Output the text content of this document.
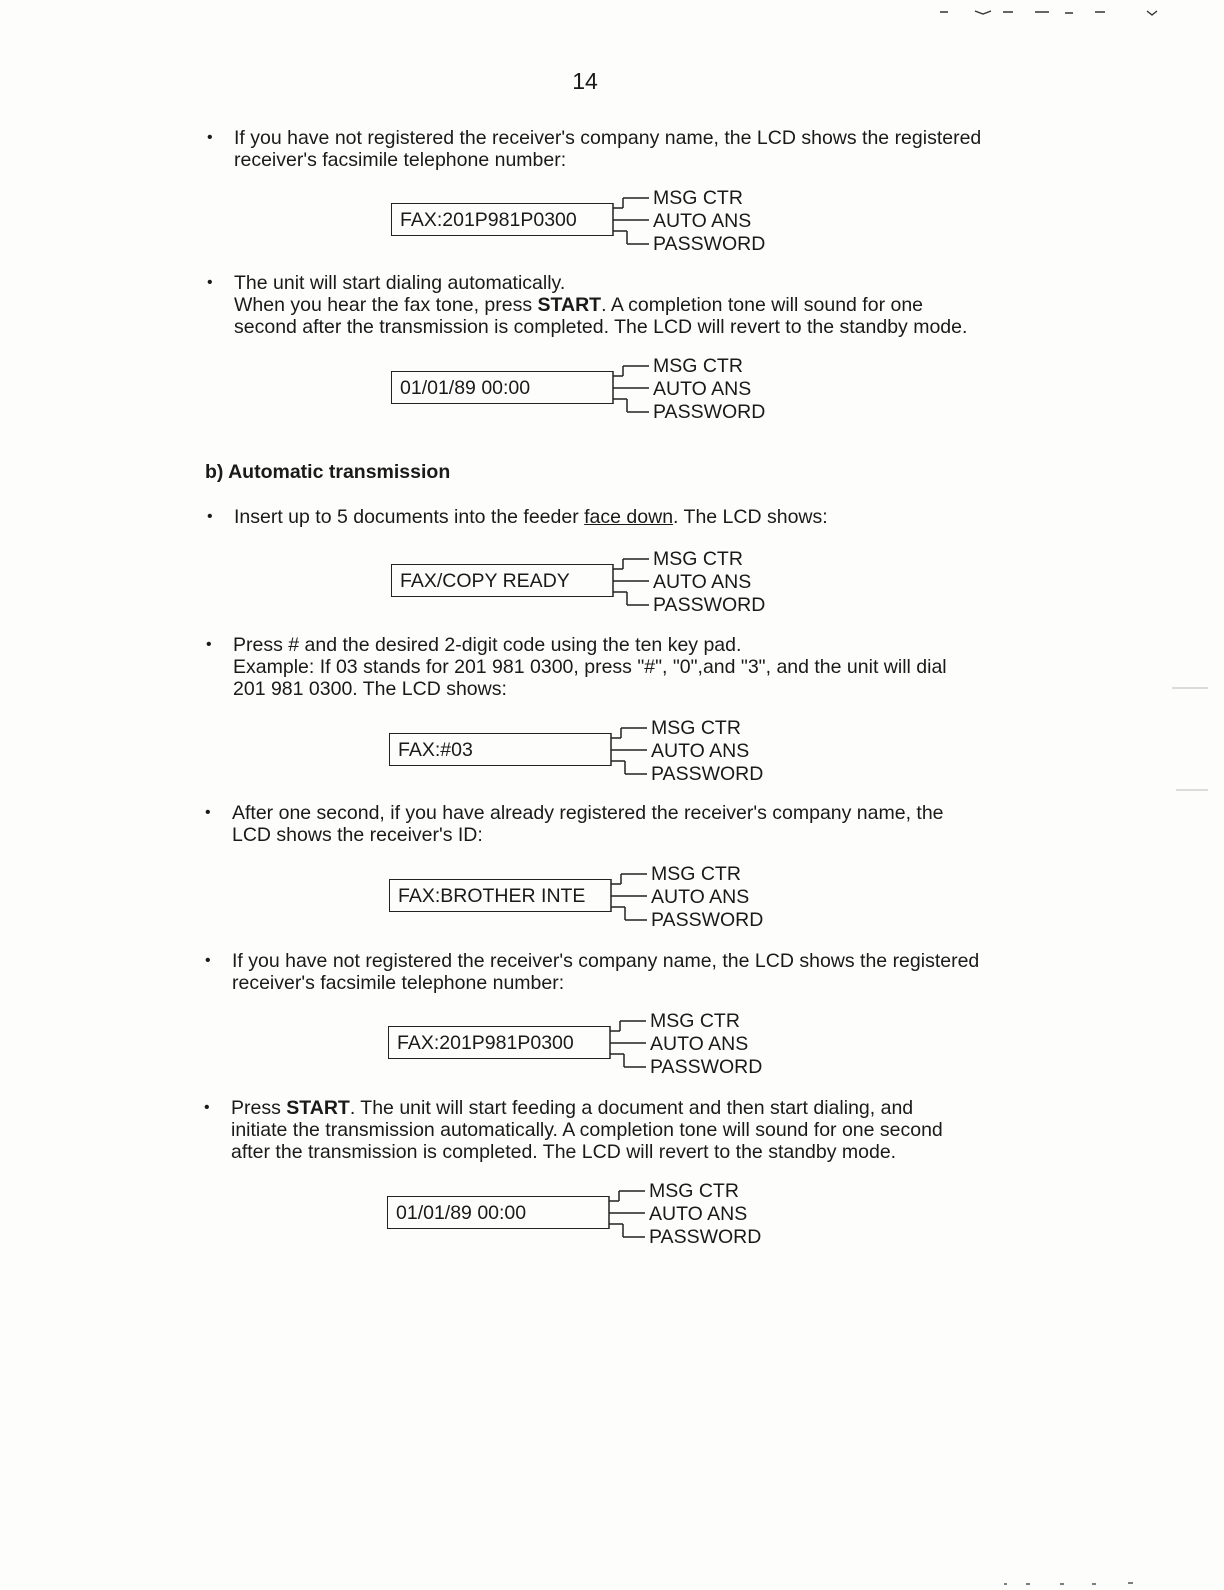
14
• If you have not registered the receiver's company name, the LCD shows the registered

receiver's facsimile telephone number:

FAX:201P981P0300
MSG CTR
AUTO ANS
PASSWORD
• The unit will start dialing automatically.

When you hear the fax tone, press START. A completion tone will sound for one

second after the transmission is completed. The LCD will revert to the standby mode.

01/01/89 00:00
MSG CTR
AUTO ANS
PASSWORD
b) Automatic transmission
• Insert up to 5 documents into the feeder face down. The LCD shows:

FAX/COPY READY
MSG CTR
AUTO ANS
PASSWORD
• Press # and the desired 2-digit code using the ten key pad.

Example: If 03 stands for 201 981 0300, press "#", "0",and "3", and the unit will dial

201 981 0300. The LCD shows:

FAX:#03
MSG CTR
AUTO ANS
PASSWORD
• After one second, if you have already registered the receiver's company name, the

LCD shows the receiver's ID:

FAX:BROTHER INTE
MSG CTR
AUTO ANS
PASSWORD
• If you have not registered the receiver's company name, the LCD shows the registered

receiver's facsimile telephone number:

FAX:201P981P0300
MSG CTR
AUTO ANS
PASSWORD
• Press START. The unit will start feeding a document and then start dialing, and

initiate the transmission automatically. A completion tone will sound for one second

after the transmission is completed. The LCD will revert to the standby mode.

01/01/89 00:00
MSG CTR
AUTO ANS
PASSWORD
